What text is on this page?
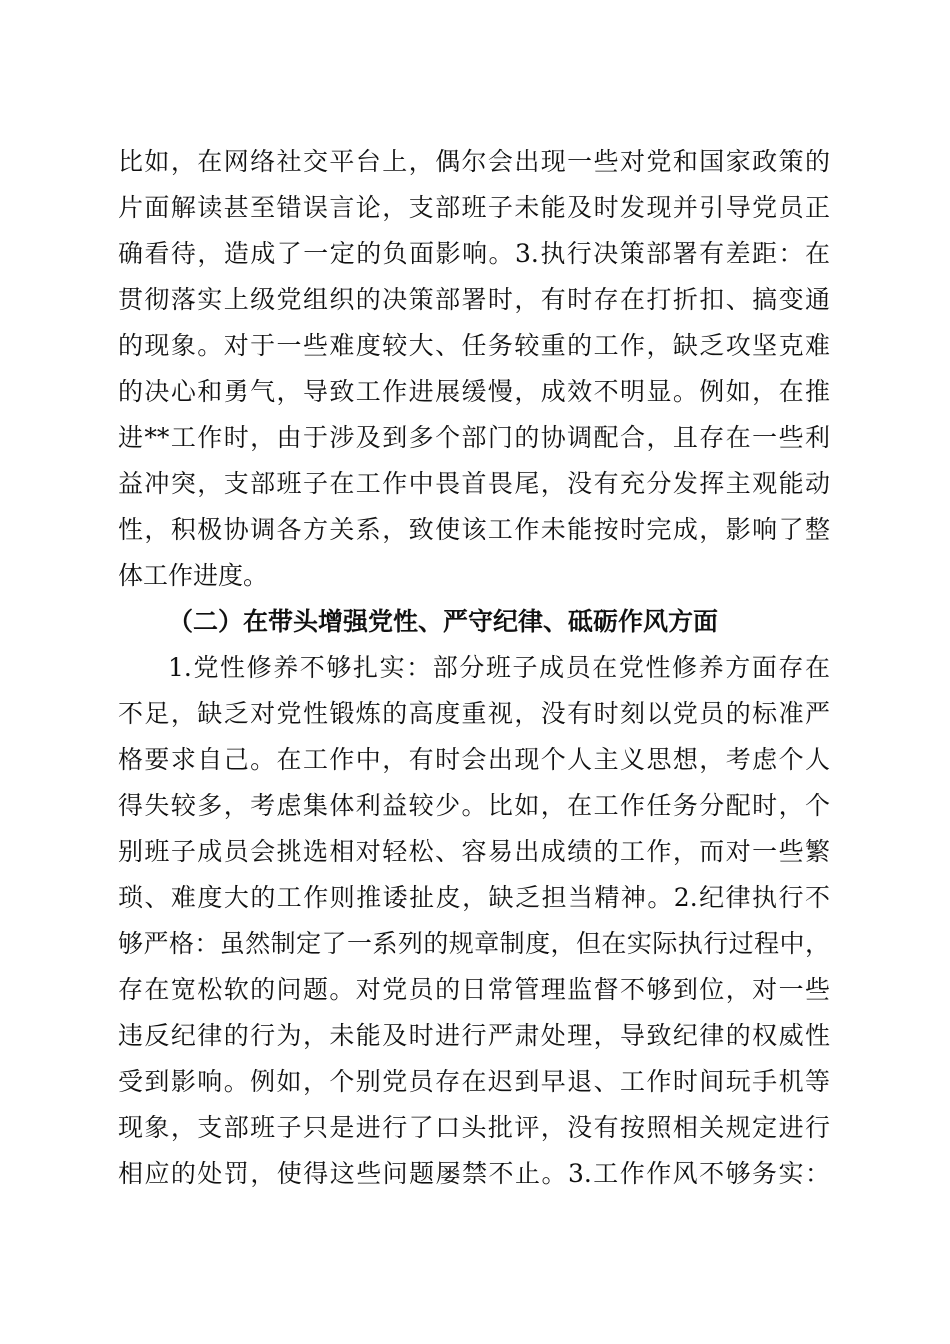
比如，在网络社交平台上，偶尔会出现一些对党和国家政策的
片面解读甚至错误言论，支部班子未能及时发现并引导党员正
确看待，造成了一定的负面影响。3.执行决策部署有差距：在
贯彻落实上级党组织的决策部署时，有时存在打折扣、搞变通
的现象。对于一些难度较大、任务较重的工作，缺乏攻坚克难
的决心和勇气，导致工作进展缓慢，成效不明显。例如，在推
进**工作时，由于涉及到多个部门的协调配合，且存在一些利
益冲突，支部班子在工作中畏首畏尾，没有充分发挥主观能动
性，积极协调各方关系，致使该工作未能按时完成，影响了整
体工作进度。
（二）在带头增强党性、严守纪律、砥砺作风方面
1.党性修养不够扎实：部分班子成员在党性修养方面存在
不足，缺乏对党性锻炼的高度重视，没有时刻以党员的标准严
格要求自己。在工作中，有时会出现个人主义思想，考虑个人
得失较多，考虑集体利益较少。比如，在工作任务分配时，个
别班子成员会挑选相对轻松、容易出成绩的工作，而对一些繁
琐、难度大的工作则推诿扯皮，缺乏担当精神。2.纪律执行不
够严格：虽然制定了一系列的规章制度，但在实际执行过程中，
存在宽松软的问题。对党员的日常管理监督不够到位，对一些
违反纪律的行为，未能及时进行严肃处理，导致纪律的权威性
受到影响。例如，个别党员存在迟到早退、工作时间玩手机等
现象，支部班子只是进行了口头批评，没有按照相关规定进行
相应的处罚，使得这些问题屡禁不止。3.工作作风不够务实：
